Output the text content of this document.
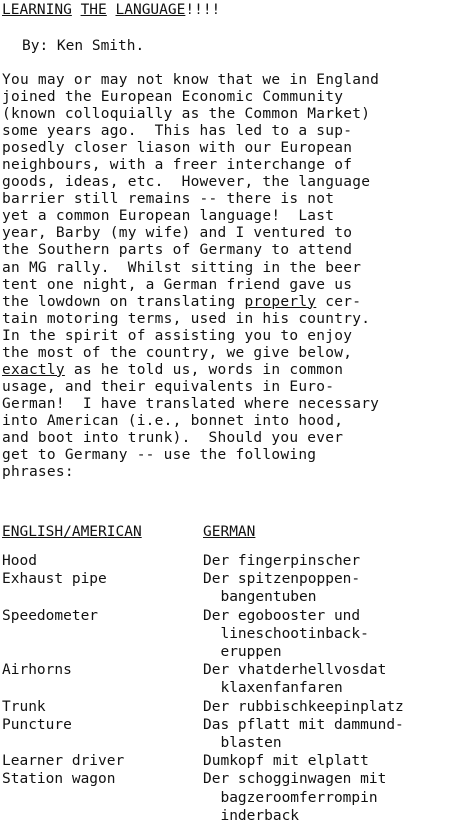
LEARNING THE LANGUAGE!!!!
By: Ken Smith.
You may or may not know that we in England
joined the European Economic Community
(known colloquially as the Common Market)
some years ago.  This has led to a sup-
posedly closer liason with our European
neighbours, with a freer interchange of
goods, ideas, etc.  However, the language
barrier still remains -- there is not
yet a common European language!  Last
year, Barby (my wife) and I ventured to
the Southern parts of Germany to attend
an MG rally.  Whilst sitting in the beer
tent one night, a German friend gave us
the lowdown on translating properly cer-
tain motoring terms, used in his country.
In the spirit of assisting you to enjoy
the most of the country, we give below,
exactly as he told us, words in common
usage, and their equivalents in Euro-
German!  I have translated where necessary
into American (i.e., bonnet into hood,
and boot into trunk).  Should you ever
get to Germany -- use the following
phrases:

ENGLISH/AMERICAN

	GERMAN

Hood	Der fingerpinscher
Exhaust pipe	Der spitzenpoppen-
bangentuben
Speedometer	Der egobooster und
lineschootinback-
eruppen
Airhorns	Der vhatderhellvosdat
klaxenfanfaren
Trunk	Der rubbischkeepinplatz
Puncture	Das pflatt mit dammund-
blasten
Learner driver	Dumkopf mit elplatt
Station wagon	Der schogginwagen mit
bagzeroomferrompin
inderback
